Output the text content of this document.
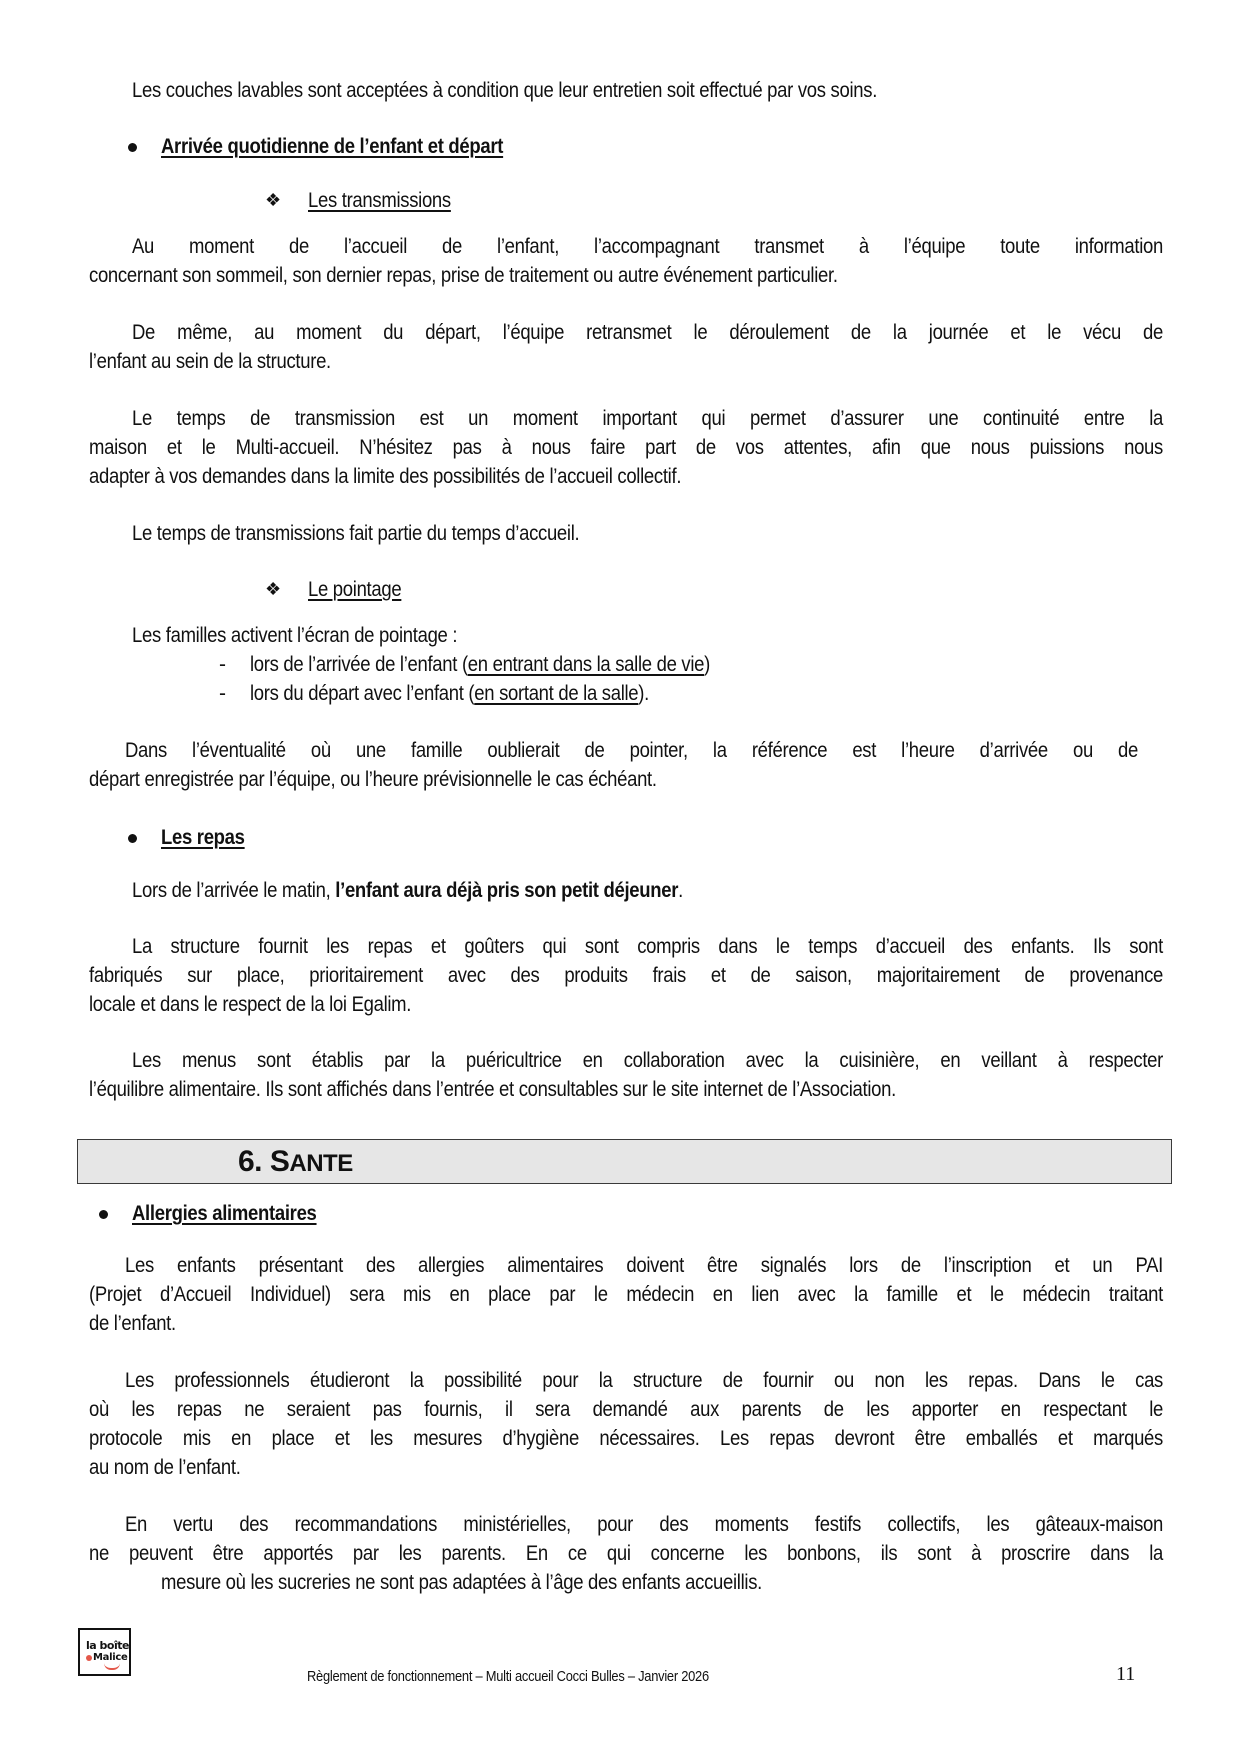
Les couches lavables sont acceptées à condition que leur entretien soit effectué par vos soins.
Arrivée quotidienne de l’enfant et départ
❖ Les transmissions
Au moment de l’accueil de l’enfant, l’accompagnant transmet à l’équipe toute information
concernant son sommeil, son dernier repas, prise de traitement ou autre événement particulier.
De même, au moment du départ, l’équipe retransmet le déroulement de la journée et le vécu de
l’enfant au sein de la structure.
Le temps de transmission est un moment important qui permet d’assurer une continuité entre la
maison et le Multi-accueil. N’hésitez pas à nous faire part de vos attentes, afin que nous puissions nous
adapter à vos demandes dans la limite des possibilités de l’accueil collectif.
Le temps de transmissions fait partie du temps d’accueil.
❖ Le pointage
Les familles activent l’écran de pointage :
- lors de l’arrivée de l’enfant (en entrant dans la salle de vie)
- lors du départ avec l’enfant (en sortant de la salle).
Dans l’éventualité où une famille oublierait de pointer, la référence est l’heure d’arrivée ou de
départ enregistrée par l’équipe, ou l’heure prévisionnelle le cas échéant.
Les repas
Lors de l’arrivée le matin, l’enfant aura déjà pris son petit déjeuner.
La structure fournit les repas et goûters qui sont compris dans le temps d’accueil des enfants. Ils sont
fabriqués sur place, prioritairement avec des produits frais et de saison, majoritairement de provenance
locale et dans le respect de la loi Egalim.
Les menus sont établis par la puéricultrice en collaboration avec la cuisinière, en veillant à respecter
l’équilibre alimentaire. Ils sont affichés dans l’entrée et consultables sur le site internet de l’Association.
6. SANTE
Allergies alimentaires
Les enfants présentant des allergies alimentaires doivent être signalés lors de l’inscription et un PAI
(Projet d’Accueil Individuel) sera mis en place par le médecin en lien avec la famille et le médecin traitant
de l’enfant.
Les professionnels étudieront la possibilité pour la structure de fournir ou non les repas. Dans le cas
où les repas ne seraient pas fournis, il sera demandé aux parents de les apporter en respectant le
protocole mis en place et les mesures d’hygiène nécessaires. Les repas devront être emballés et marqués
au nom de l’enfant.
En vertu des recommandations ministérielles, pour des moments festifs collectifs, les gâteaux-maison
ne peuvent être apportés par les parents. En ce qui concerne les bonbons, ils sont à proscrire dans la
mesure où les sucreries ne sont pas adaptées à l’âge des enfants accueillis.
la boîte
Malice
Règlement de fonctionnement – Multi accueil Cocci Bulles – Janvier 2026	11
